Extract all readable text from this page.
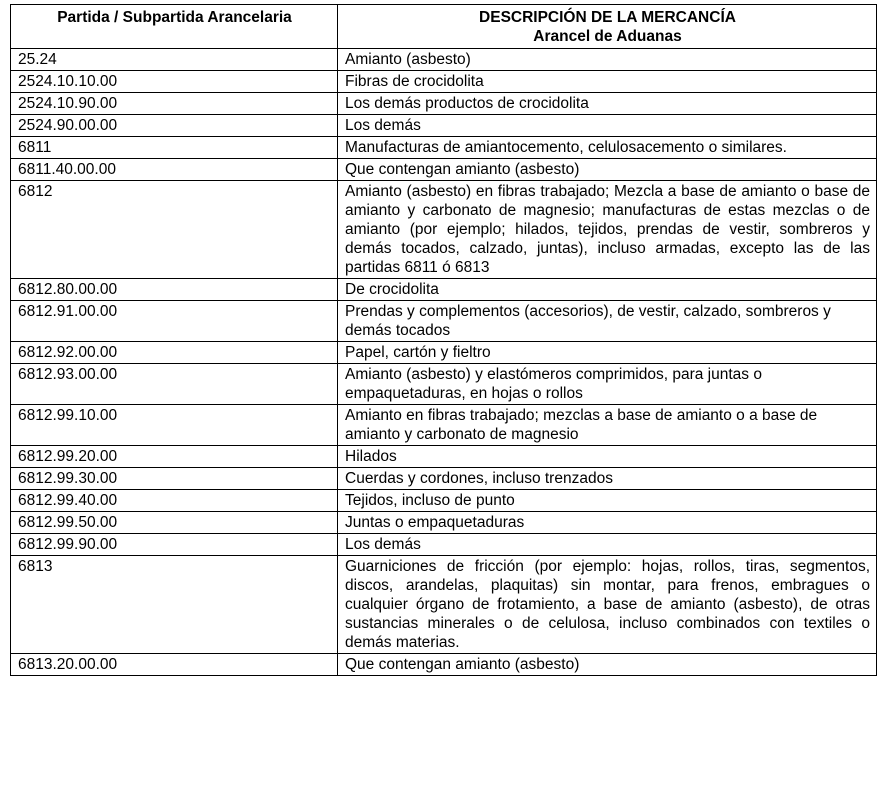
Partida / Subpartida Arancelaria	DESCRIPCIÓN DE LA MERCANCÍA
Arancel de Aduanas

25.24	Amianto (asbesto)
2524.10.10.00	Fibras de crocidolita
2524.10.90.00	Los demás productos de crocidolita
2524.90.00.00	Los demás
6811	Manufacturas de amiantocemento, celulosacemento o similares.
6811.40.00.00	Que contengan amianto (asbesto)
6812	Amianto (asbesto) en fibras trabajado; Mezcla a base de amianto o base de amianto y carbonato de magnesio; manufacturas de estas mezclas o de amianto (por ejemplo; hilados, tejidos, prendas de vestir, sombreros y demás tocados, calzado, juntas), incluso armadas, excepto las de las partidas 6811 ó 6813
6812.80.00.00	De crocidolita
6812.91.00.00	Prendas y complementos (accesorios), de vestir, calzado, sombreros y demás tocados
6812.92.00.00	Papel, cartón y fieltro
6812.93.00.00	Amianto (asbesto) y elastómeros comprimidos, para juntas o empaquetaduras, en hojas o rollos
6812.99.10.00	Amianto en fibras trabajado; mezclas a base de amianto o a base de amianto y carbonato de magnesio
6812.99.20.00	Hilados
6812.99.30.00	Cuerdas y cordones, incluso trenzados
6812.99.40.00	Tejidos, incluso de punto
6812.99.50.00	Juntas o empaquetaduras
6812.99.90.00	Los demás
6813	Guarniciones de fricción (por ejemplo: hojas, rollos, tiras, segmentos, discos, arandelas, plaquitas) sin montar, para frenos, embragues o cualquier órgano de frotamiento, a base de amianto (asbesto), de otras sustancias minerales o de celulosa, incluso combinados con textiles o demás materias.
6813.20.00.00	Que contengan amianto (asbesto)
